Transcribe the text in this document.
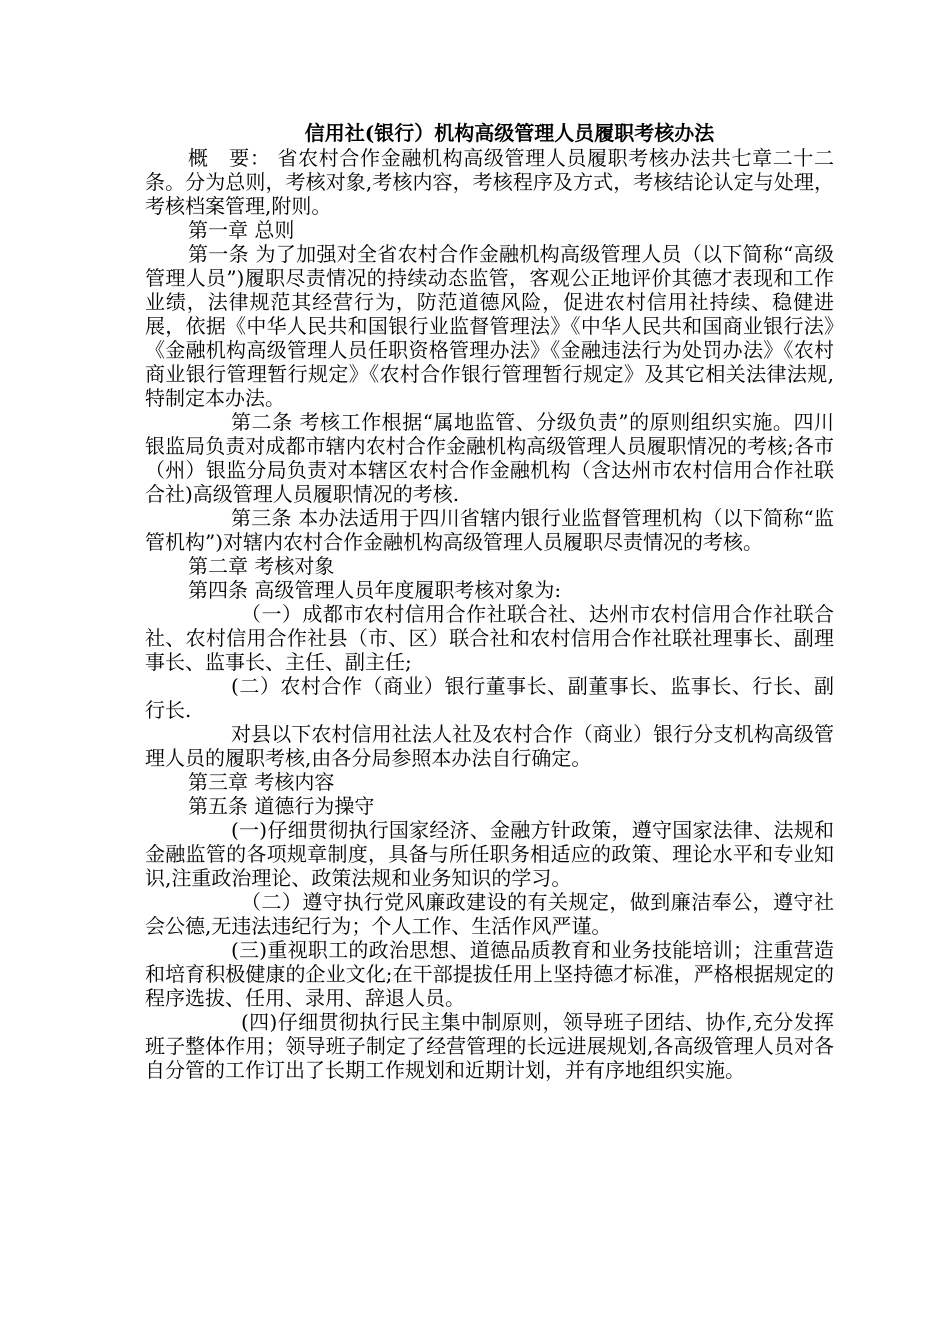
信用社(银行）机构高级管理人员履职考核办法

概　要： 省农村合作金融机构高级管理人员履职考核办法共七章二十二条。分为总则，考核对象,考核内容，考核程序及方式，考核结论认定与处理，考核档案管理,附则。

第一章 总则

第一条 为了加强对全省农村合作金融机构高级管理人员（以下简称“高级管理人员”)履职尽责情况的持续动态监管，客观公正地评价其德才表现和工作业绩，法律规范其经营行为，防范道德风险，促进农村信用社持续、稳健进展，依据《中华人民共和国银行业监督管理法》《中华人民共和国商业银行法》《金融机构高级管理人员任职资格管理办法》《金融违法行为处罚办法》《农村商业银行管理暂行规定》《农村合作银行管理暂行规定》及其它相关法律法规,特制定本办法。

第二条 考核工作根据“属地监管、分级负责”的原则组织实施。四川银监局负责对成都市辖内农村合作金融机构高级管理人员履职情况的考核;各市（州）银监分局负责对本辖区农村合作金融机构（含达州市农村信用合作社联合社)高级管理人员履职情况的考核.

第三条 本办法适用于四川省辖内银行业监督管理机构（以下简称“监管机构”)对辖内农村合作金融机构高级管理人员履职尽责情况的考核。

第二章 考核对象

第四条 高级管理人员年度履职考核对象为:

（一）成都市农村信用合作社联合社、达州市农村信用合作社联合社、农村信用合作社县（市、区）联合社和农村信用合作社联社理事长、副理事长、监事长、主任、副主任;

(二）农村合作（商业）银行董事长、副董事长、监事长、行长、副行长.

对县以下农村信用社法人社及农村合作（商业）银行分支机构高级管理人员的履职考核,由各分局参照本办法自行确定。

第三章 考核内容

第五条 道德行为操守

(一)仔细贯彻执行国家经济、金融方针政策，遵守国家法律、法规和金融监管的各项规章制度，具备与所任职务相适应的政策、理论水平和专业知识,注重政治理论、政策法规和业务知识的学习。

（二）遵守执行党风廉政建设的有关规定，做到廉洁奉公，遵守社会公德,无违法违纪行为；个人工作、生活作风严谨。

(三)重视职工的政治思想、道德品质教育和业务技能培训；注重营造和培育积极健康的企业文化;在干部提拔任用上坚持德才标准，严格根据规定的程序选拔、任用、录用、辞退人员。

(四)仔细贯彻执行民主集中制原则，领导班子团结、协作,充分发挥班子整体作用；领导班子制定了经营管理的长远进展规划,各高级管理人员对各自分管的工作订出了长期工作规划和近期计划，并有序地组织实施。
